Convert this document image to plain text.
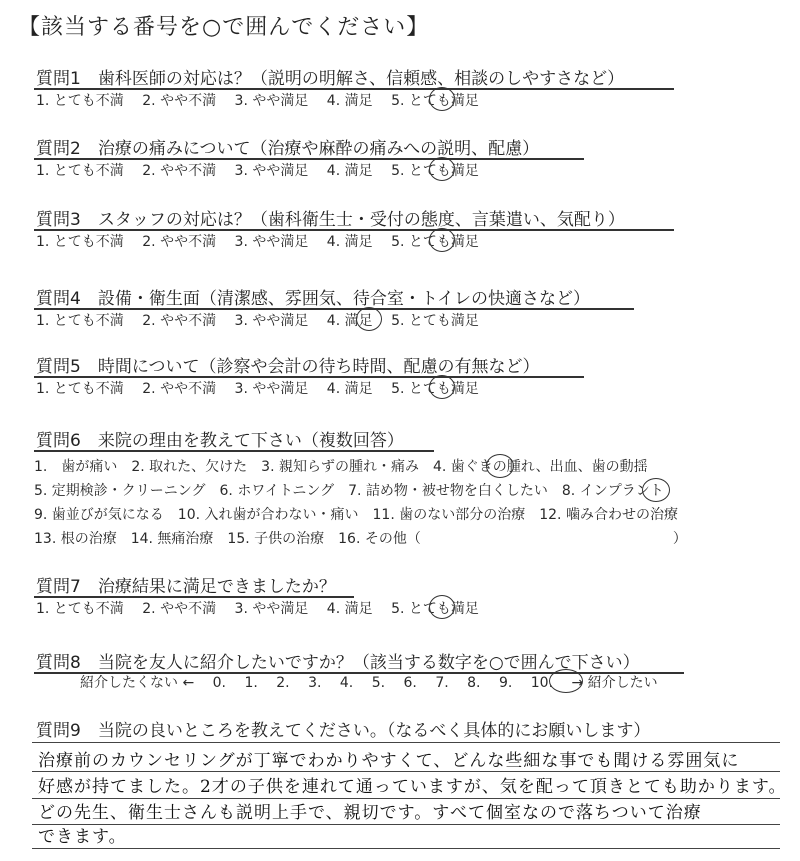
【該当する番号を○で囲んでください】
質問1　歯科医師の対応は？（説明の明解さ、信頼感、相談のしやすさなど）
1. とても不満 2. やや不満 3. やや満足 4. 満足 5. とても満足
質問2　治療の痛みについて（治療や麻酔の痛みへの説明、配慮）
1. とても不満 2. やや不満 3. やや満足 4. 満足 5. とても満足
質問3　スタッフの対応は？（歯科衛生士・受付の態度、言葉遣い、気配り）
1. とても不満 2. やや不満 3. やや満足 4. 満足 5. とても満足
質問4　設備・衛生面（清潔感、雰囲気、待合室・トイレの快適さなど）
1. とても不満 2. やや不満 3. やや満足 4. 満足 5. とても満足
質問5　時間について（診察や会計の待ち時間、配慮の有無など）
1. とても不満 2. やや不満 3. やや満足 4. 満足 5. とても満足
質問6　来院の理由を教えて下さい（複数回答）
1.　歯が痛い　2. 取れた、欠けた　3. 親知らずの腫れ・痛み　4. 歯ぐきの腫れ、出血、歯の動揺
5. 定期検診・クリーニング　6. ホワイトニング　7. 詰め物・被せ物を白くしたい　8. インプラント
9. 歯並びが気になる　10. 入れ歯が合わない・痛い　11. 歯のない部分の治療　12. 噛み合わせの治療
13. 根の治療　14. 無痛治療　15. 子供の治療　16. その他（　　　　　　　　　　　　　　　　　　）
質問7　治療結果に満足できましたか？
1. とても不満 2. やや不満 3. やや満足 4. 満足 5. とても満足
質問8　当院を友人に紹介したいですか？（該当する数字を○で囲んで下さい）
紹介したくない ← 0. 1. 2. 3. 4. 5. 6. 7. 8. 9. 10. → 紹介したい
質問9　当院の良いところを教えてください。（なるべく具体的にお願いします）
治療前のカウンセリングが丁寧でわかりやすくて、どんな些細な事でも聞ける雰囲気に
好感が持てました。2才の子供を連れて通っていますが、気を配って頂きとても助かります。
どの先生、衛生士さんも説明上手で、親切です。すべて個室なので落ちついて治療
できます。
